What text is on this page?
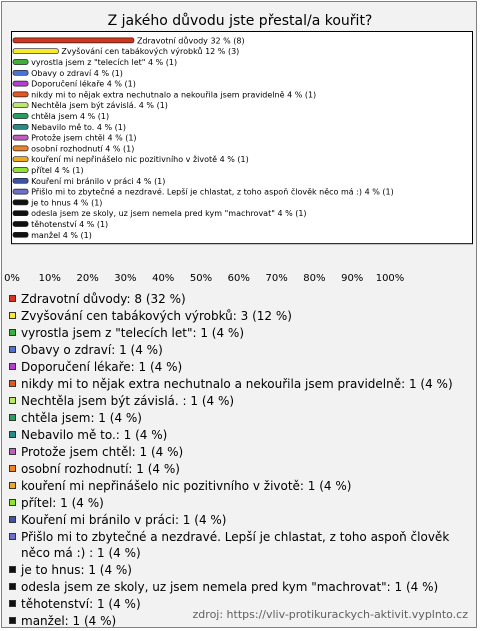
Z jakého důvodu jste přestal/a kouřit?
Zdravotní důvody 32 % (8)
Zvyšování cen tabákových výrobků 12 % (3)
vyrostla jsem z "telecích let" 4 % (1)
Obavy o zdraví 4 % (1)
Doporučení lékaře 4 % (1)
nikdy mi to nějak extra nechutnalo a nekouřila jsem pravidelně 4 % (1)
Nechtěla jsem být závislá. 4 % (1)
chtěla jsem 4 % (1)
Nebavilo mě to. 4 % (1)
Protože jsem chtěl 4 % (1)
osobní rozhodnutí 4 % (1)
kouření mi nepřinášelo nic pozitivního v životě 4 % (1)
přítel 4 % (1)
Kouření mi bránilo v práci 4 % (1)
Přišlo mi to zbytečné a nezdravé. Lepší je chlastat, z toho aspoň člověk něco má :) 4 % (1)
je to hnus 4 % (1)
odesla jsem ze skoly, uz jsem nemela pred kym "machrovat" 4 % (1)
těhotenství 4 % (1)
manžel 4 % (1)
0% 10% 20% 30% 40% 50% 60% 70% 80% 90% 100%
Zdravotní důvody: 8 (32 %)
Zvyšování cen tabákových výrobků: 3 (12 %)
vyrostla jsem z "telecích let": 1 (4 %)
Obavy o zdraví: 1 (4 %)
Doporučení lékaře: 1 (4 %)
nikdy mi to nějak extra nechutnalo a nekouřila jsem pravidelně: 1 (4 %)
Nechtěla jsem být závislá. : 1 (4 %)
chtěla jsem: 1 (4 %)
Nebavilo mě to.: 1 (4 %)
Protože jsem chtěl: 1 (4 %)
osobní rozhodnutí: 1 (4 %)
kouření mi nepřinášelo nic pozitivního v životě: 1 (4 %)
přítel: 1 (4 %)
Kouření mi bránilo v práci: 1 (4 %)
Přišlo mi to zbytečné a nezdravé. Lepší je chlastat, z toho aspoň člověk něco má :) : 1 (4 %)
je to hnus: 1 (4 %)
odesla jsem ze skoly, uz jsem nemela pred kym "machrovat": 1 (4 %)
těhotenství: 1 (4 %)
manžel: 1 (4 %)	zdroj: https://vliv-protikurackych-aktivit.vyplnto.cz
